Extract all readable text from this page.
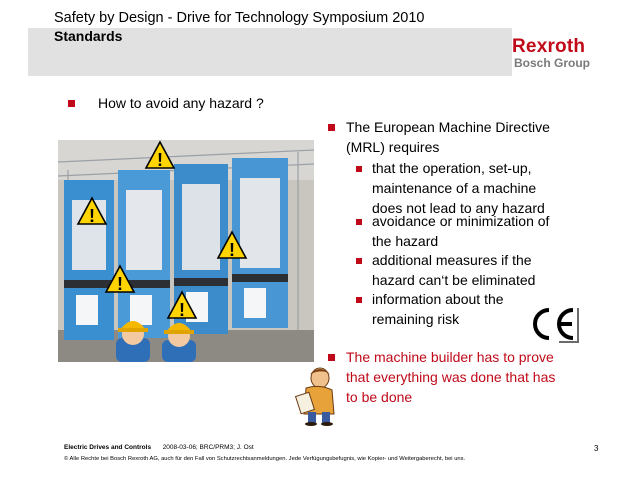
Safety by Design - Drive for Technology Symposium 2010
Standards	Rexroth
Bosch Group
How to avoid any hazard ?
!
!
!
!
!
The European Machine Directive
(MRL) requires
that the operation, set-up,
maintenance of a machine
does not lead to any hazard
avoidance or minimization of
the hazard
additional measures if the
hazard can‘t be eliminated
information about the
remaining risk
The machine builder has to prove
that everything was done that has
to be done
Electric Drives and Controls 2008-03-06; BRC/PRM3; J. Ost
© Alle Rechte bei Bosch Rexroth AG, auch für den Fall von Schutzrechtsanmeldungen. Jede Verfügungsbefugnis, wie Kopier- und Weitergaberecht, bei uns.
3
